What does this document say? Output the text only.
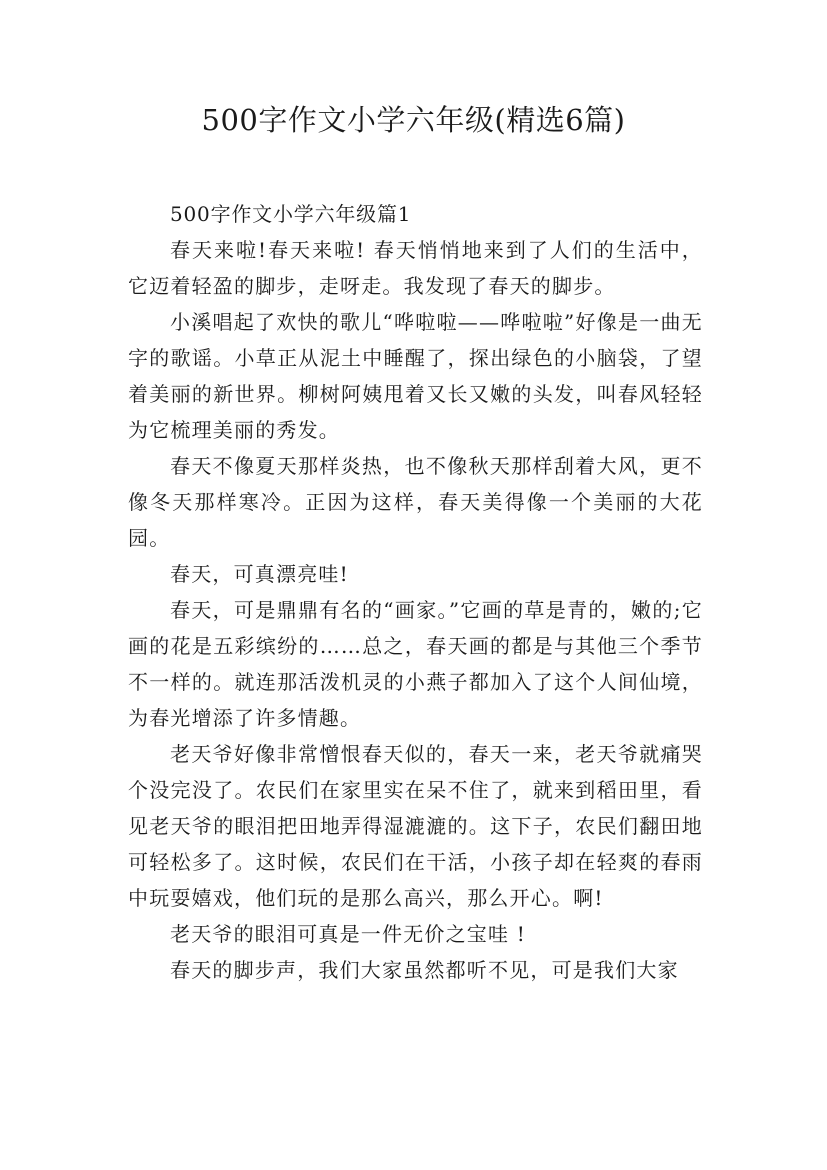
500字作文小学六年级(精选6篇)

500字作文小学六年级篇1

春天来啦!春天来啦! 春天悄悄地来到了人们的生活中，它迈着轻盈的脚步，走呀走。我发现了春天的脚步。

小溪唱起了欢快的歌儿“哗啦啦——哗啦啦”好像是一曲无字的歌谣。小草正从泥土中睡醒了，探出绿色的小脑袋，了望着美丽的新世界。柳树阿姨甩着又长又嫩的头发，叫春风轻轻为它梳理美丽的秀发。

春天不像夏天那样炎热，也不像秋天那样刮着大风，更不像冬天那样寒冷。正因为这样，春天美得像一个美丽的大花园。

春天，可真漂亮哇!

春天，可是鼎鼎有名的“画家。”它画的草是青的，嫩的;它画的花是五彩缤纷的……总之，春天画的都是与其他三个季节不一样的。就连那活泼机灵的小燕子都加入了这个人间仙境，为春光增添了许多情趣。

老天爷好像非常憎恨春天似的，春天一来，老天爷就痛哭个没完没了。农民们在家里实在呆不住了，就来到稻田里，看见老天爷的眼泪把田地弄得湿漉漉的。这下子，农民们翻田地可轻松多了。这时候，农民们在干活，小孩子却在轻爽的春雨中玩耍嬉戏，他们玩的是那么高兴，那么开心。啊!

老天爷的眼泪可真是一件无价之宝哇 !

春天的脚步声，我们大家虽然都听不见，可是我们大家
